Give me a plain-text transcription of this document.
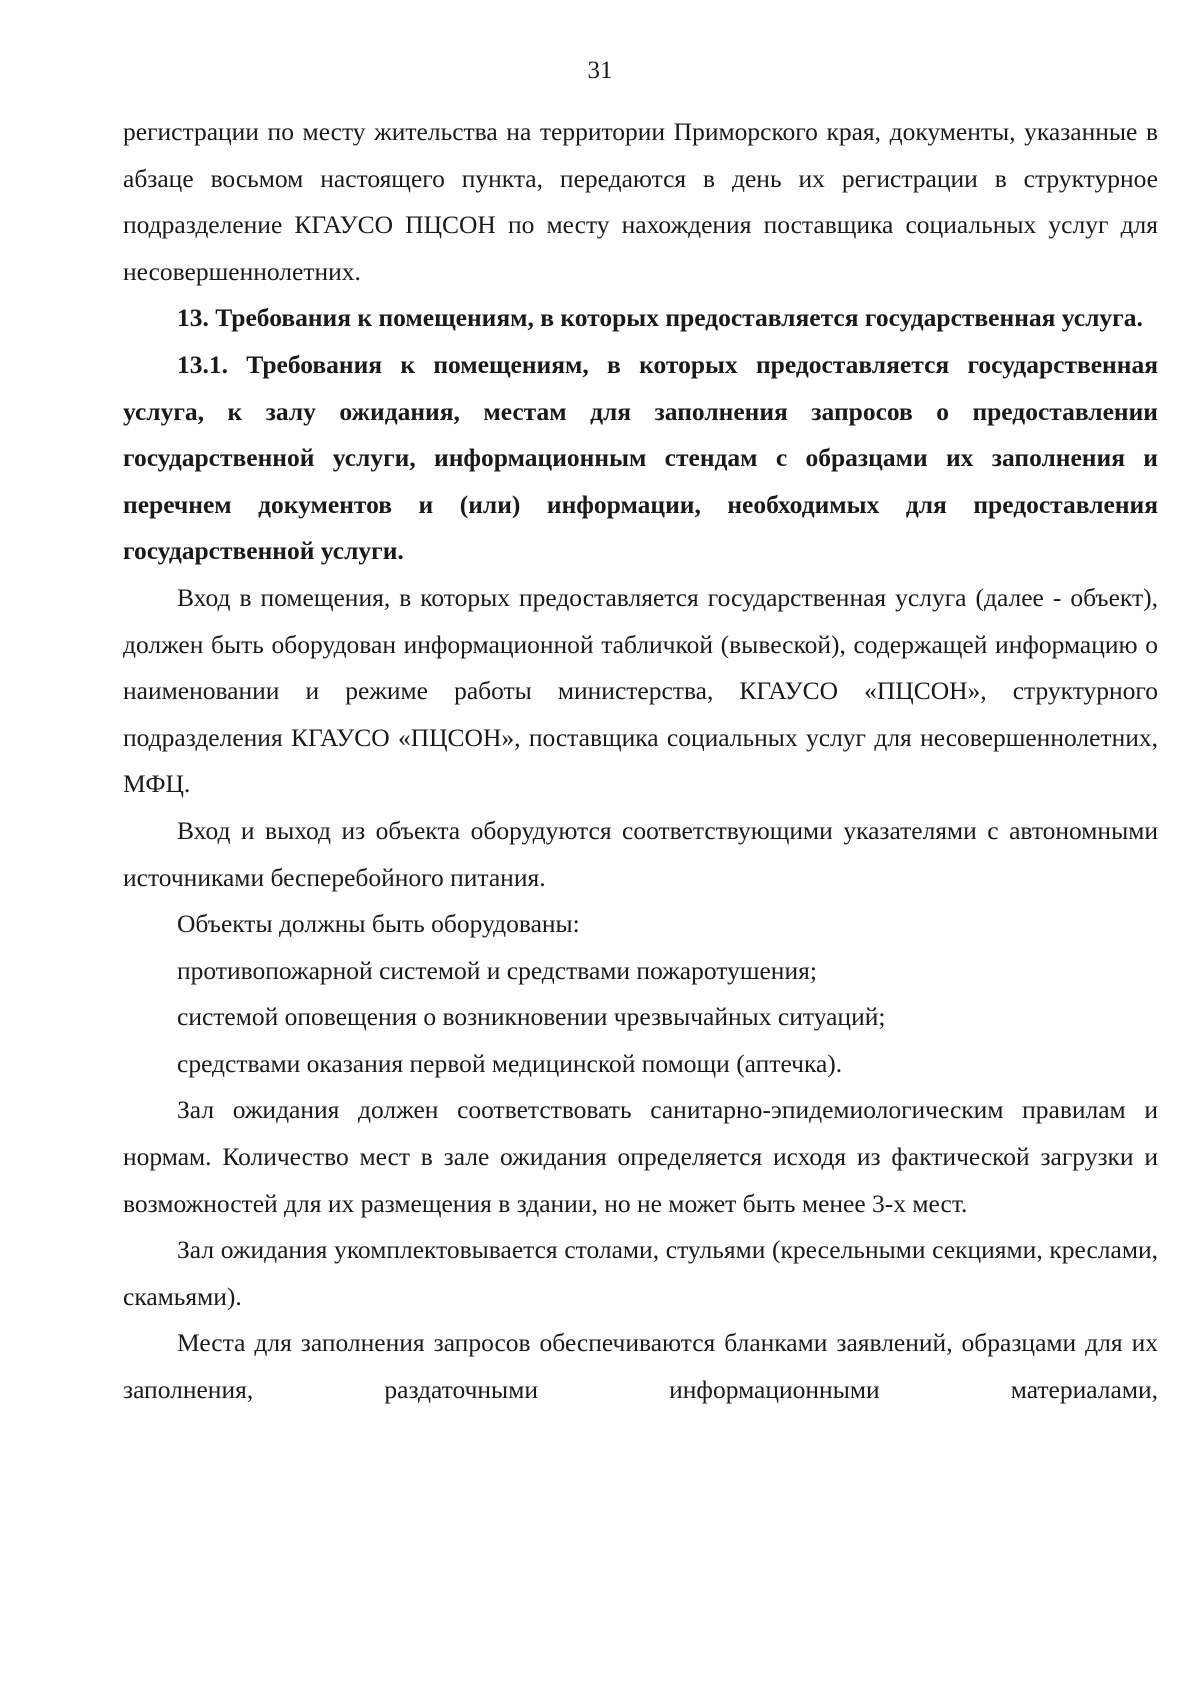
31

регистрации по месту жительства на территории Приморского края, документы, указанные в абзаце восьмом настоящего пункта, передаются в день их регистрации в структурное подразделение КГАУСО ПЦСОН по месту нахождения поставщика социальных услуг для несовершеннолетних.

13. Требования к помещениям, в которых предоставляется государственная услуга.

13.1. Требования к помещениям, в которых предоставляется государственная услуга, к залу ожидания, местам для заполнения запросов о предоставлении государственной услуги, информационным стендам с образцами их заполнения и перечнем документов и (или) информации, необходимых для предоставления государственной услуги.

Вход в помещения, в которых предоставляется государственная услуга (далее - объект), должен быть оборудован информационной табличкой (вывеской), содержащей информацию о наименовании и режиме работы министерства, КГАУСО «ПЦСОН», структурного подразделения КГАУСО «ПЦСОН», поставщика социальных услуг для несовершеннолетних, МФЦ.

Вход и выход из объекта оборудуются соответствующими указателями с автономными источниками бесперебойного питания.

Объекты должны быть оборудованы:

противопожарной системой и средствами пожаротушения;

системой оповещения о возникновении чрезвычайных ситуаций;

средствами оказания первой медицинской помощи (аптечка).

Зал ожидания должен соответствовать санитарно-эпидемиологическим правилам и нормам. Количество мест в зале ожидания определяется исходя из фактической загрузки и возможностей для их размещения в здании, но не может быть менее 3-х мест.

Зал ожидания укомплектовывается столами, стульями (кресельными секциями, креслами, скамьями).

Места для заполнения запросов обеспечиваются бланками заявлений, образцами для их заполнения, раздаточными информационными материалами,
